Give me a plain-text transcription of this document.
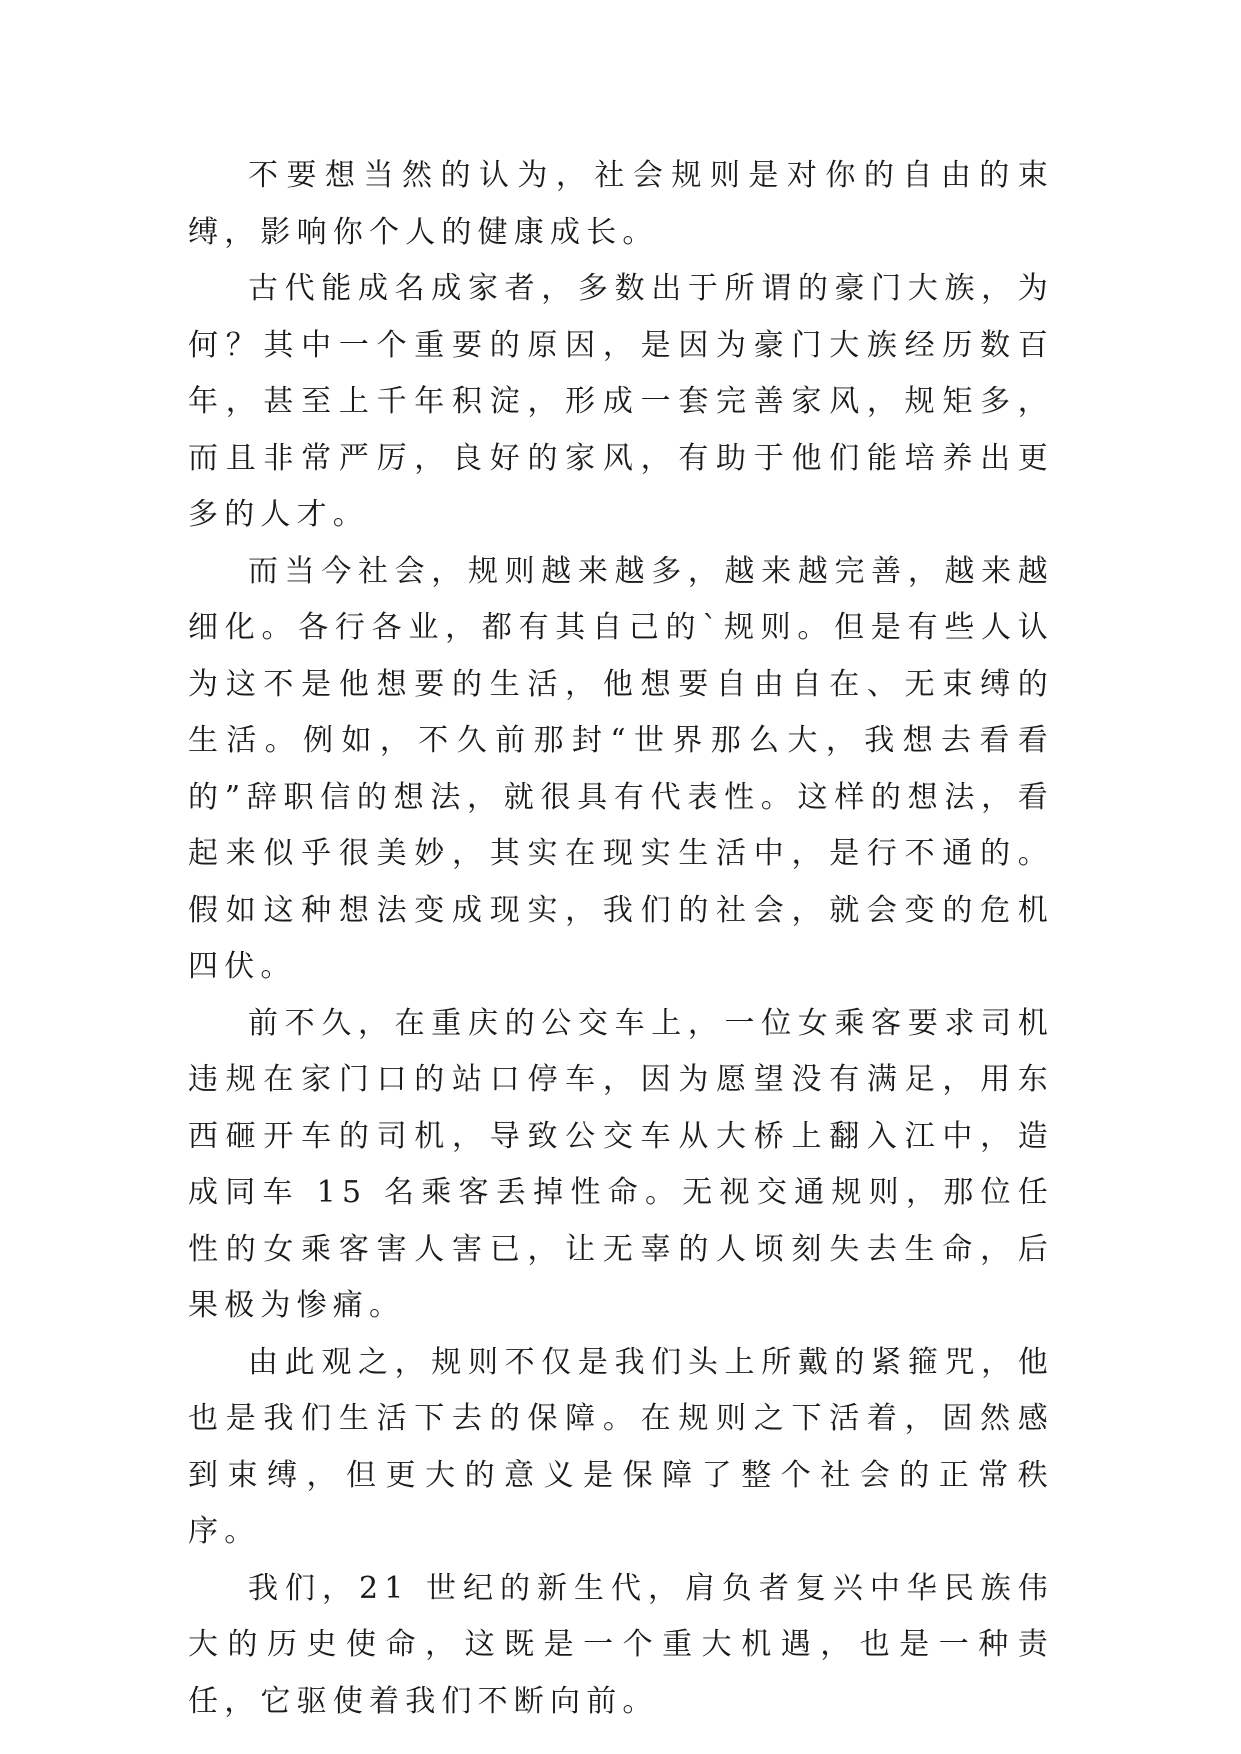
不要想当然的认为，社会规则是对你的自由的束缚，影响你个人的健康成长。

古代能成名成家者，多数出于所谓的豪门大族，为何？其中一个重要的原因，是因为豪门大族经历数百年，甚至上千年积淀，形成一套完善家风，规矩多，而且非常严厉，良好的家风，有助于他们能培养出更多的人才。

而当今社会，规则越来越多，越来越完善，越来越细化。各行各业，都有其自己的`规则。但是有些人认为这不是他想要的生活，他想要自由自在、无束缚的生活。例如，不久前那封“世界那么大，我想去看看的”辞职信的想法，就很具有代表性。这样的想法，看起来似乎很美妙，其实在现实生活中，是行不通的。假如这种想法变成现实，我们的社会，就会变的危机四伏。

前不久，在重庆的公交车上，一位女乘客要求司机违规在家门口的站口停车，因为愿望没有满足，用东西砸开车的司机，导致公交车从大桥上翻入江中，造成同车 15 名乘客丢掉性命。无视交通规则，那位任性的女乘客害人害已，让无辜的人顷刻失去生命，后果极为惨痛。

由此观之，规则不仅是我们头上所戴的紧箍咒，他也是我们生活下去的保障。在规则之下活着，固然感到束缚，但更大的意义是保障了整个社会的正常秩序。

我们，21 世纪的新生代，肩负者复兴中华民族伟大的历史使命，这既是一个重大机遇，也是一种责任，它驱使着我们不断向前。
